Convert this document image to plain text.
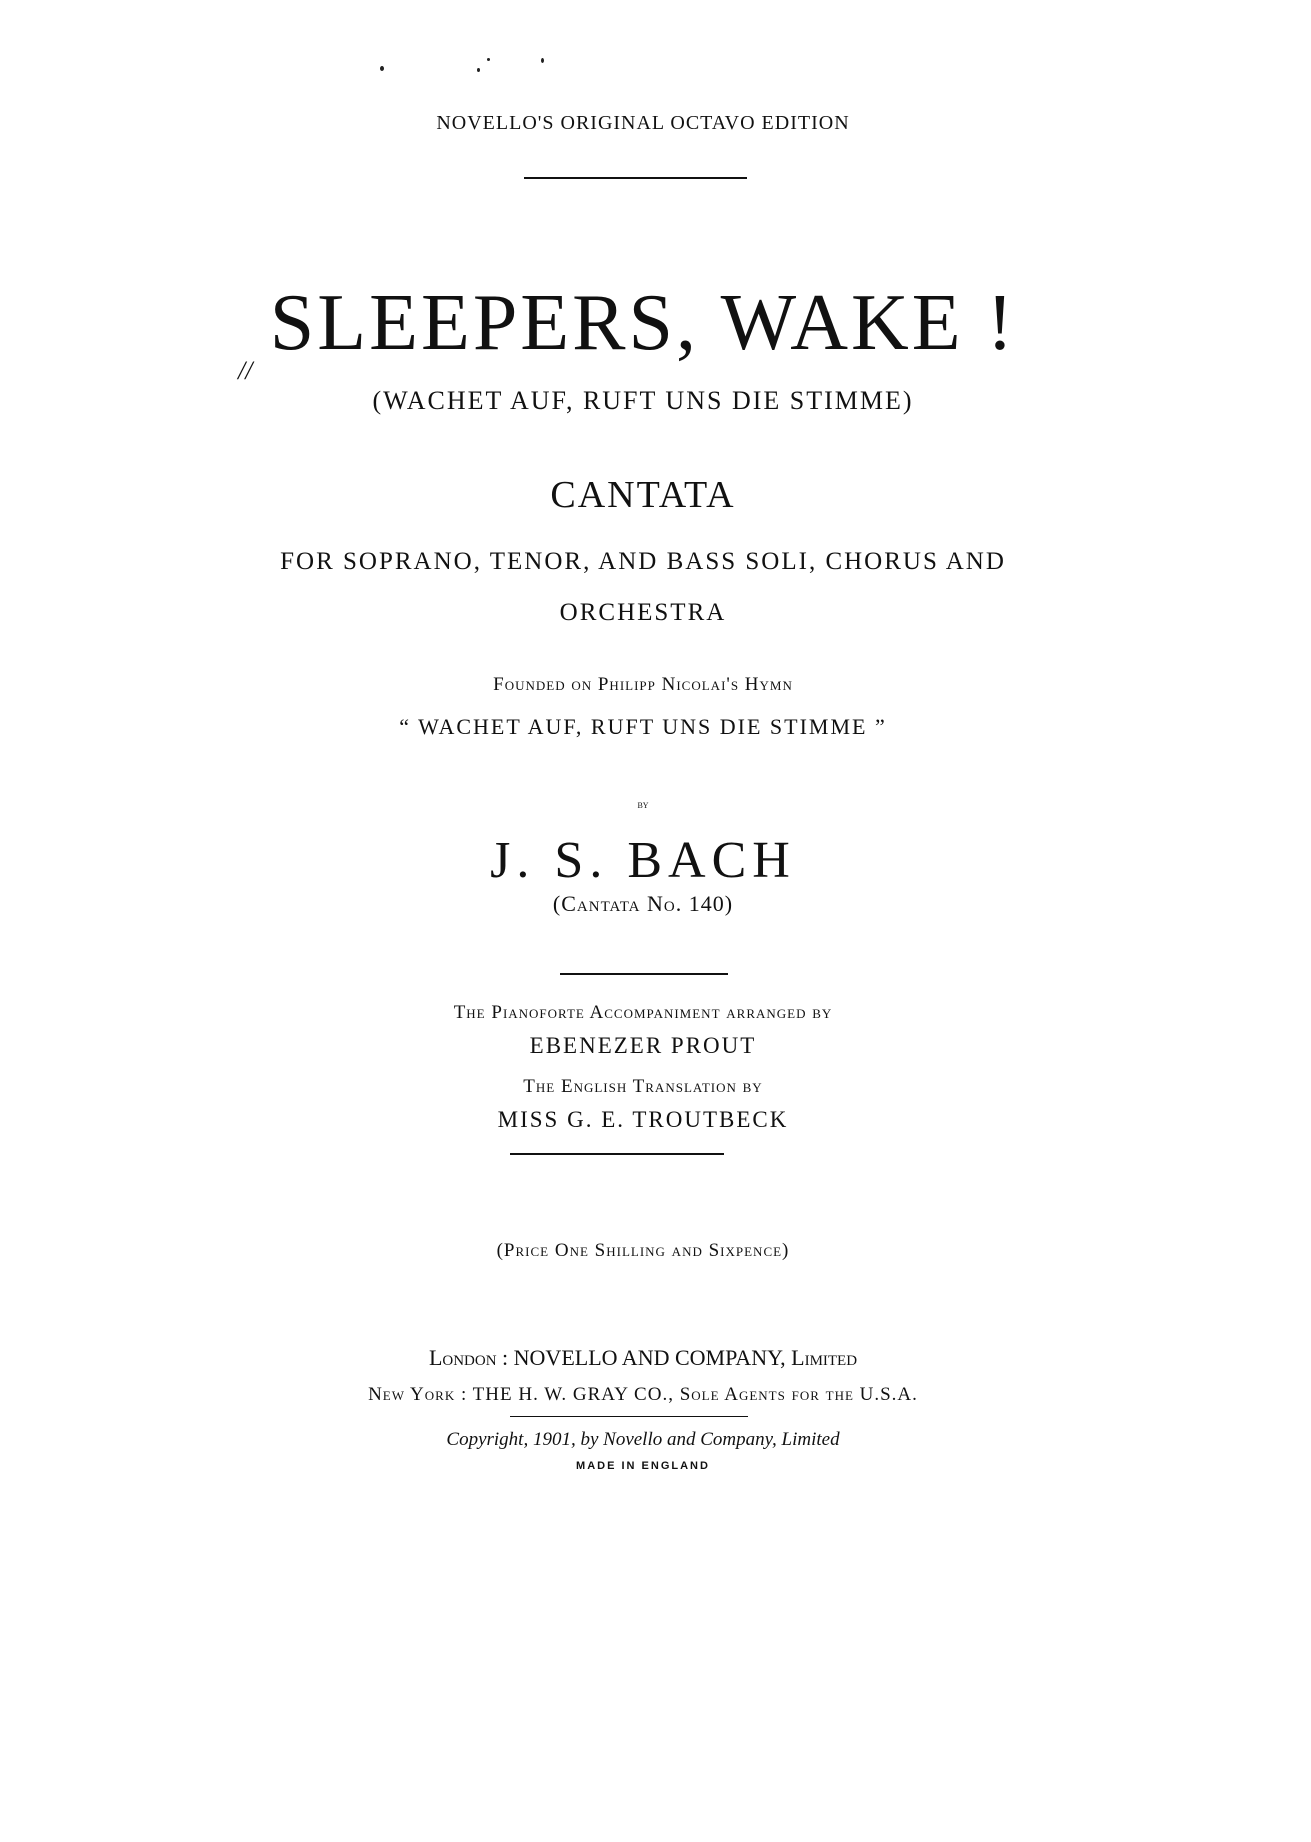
NOVELLO'S ORIGINAL OCTAVO EDITION
SLEEPERS, WAKE !
//
(WACHET AUF, RUFT UNS DIE STIMME)
CANTATA
FOR SOPRANO, TENOR, AND BASS SOLI, CHORUS AND
ORCHESTRA
Founded on Philipp Nicolai's Hymn
“ WACHET AUF, RUFT UNS DIE STIMME ”
by
J. S. BACH
(Cantata No. 140)
The Pianoforte Accompaniment arranged by
EBENEZER PROUT
The English Translation by
MISS G. E. TROUTBECK
(Price One Shilling and Sixpence)
London : NOVELLO AND COMPANY, Limited
New York : THE H. W. GRAY CO., Sole Agents for the U.S.A.
Copyright, 1901, by Novello and Company, Limited
MADE IN ENGLAND
